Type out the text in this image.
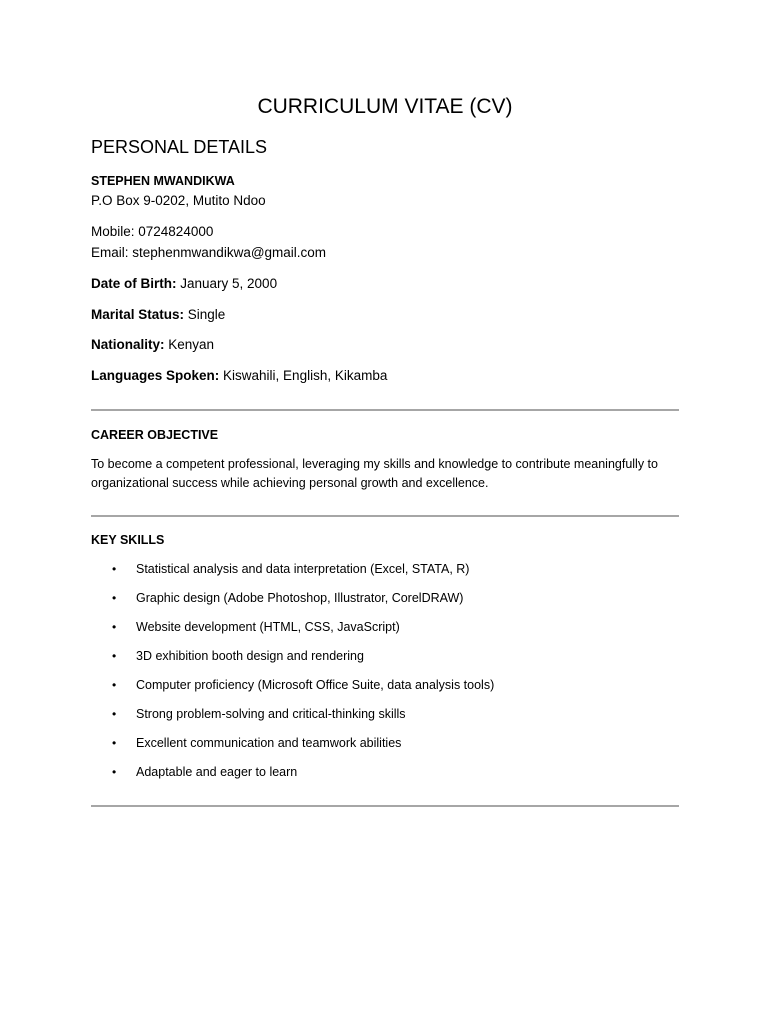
CURRICULUM VITAE (CV)
PERSONAL DETAILS
STEPHEN MWANDIKWA
P.O Box 9-0202, Mutito Ndoo
Mobile: 0724824000
Email: stephenmwandikwa@gmail.com
Date of Birth: January 5, 2000
Marital Status: Single
Nationality: Kenyan
Languages Spoken: Kiswahili, English, Kikamba
CAREER OBJECTIVE

To become a competent professional, leveraging my skills and knowledge to contribute meaningfully to organizational success while achieving personal growth and excellence.

KEY SKILLS
• Statistical analysis and data interpretation (Excel, STATA, R)
• Graphic design (Adobe Photoshop, Illustrator, CorelDRAW)
• Website development (HTML, CSS, JavaScript)
• 3D exhibition booth design and rendering
• Computer proficiency (Microsoft Office Suite, data analysis tools)
• Strong problem-solving and critical-thinking skills
• Excellent communication and teamwork abilities
• Adaptable and eager to learn
